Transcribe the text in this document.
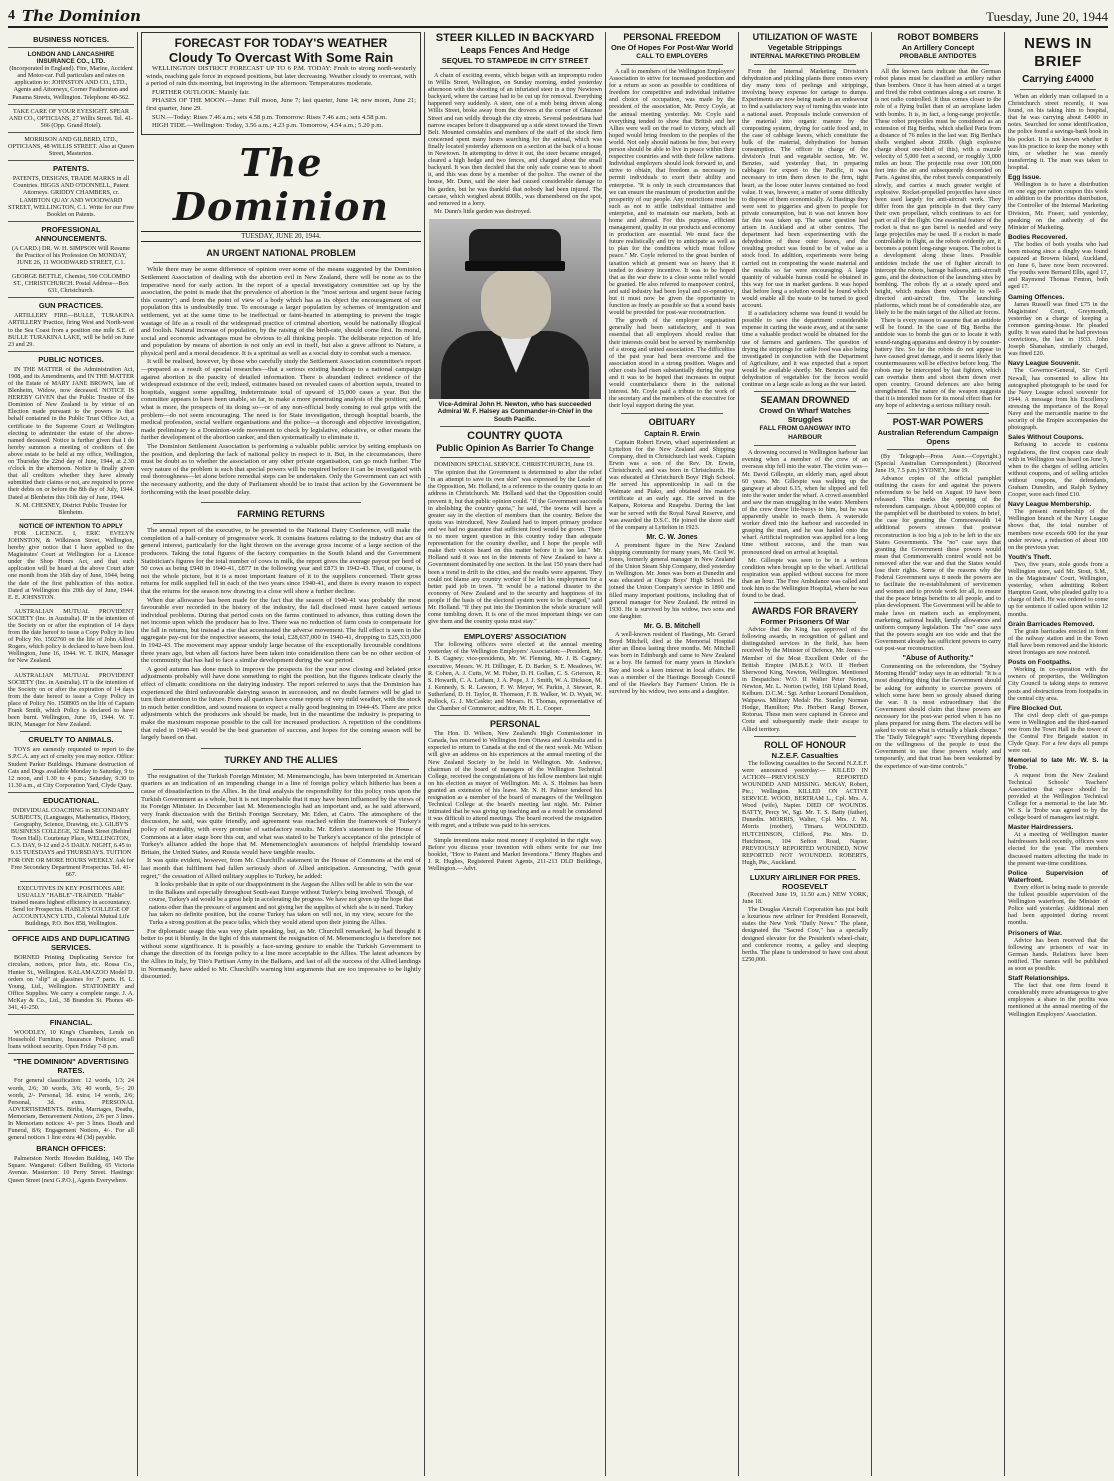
4 The Dominion	Tuesday, June 20, 1944
BUSINESS NOTICES.
LONDON AND LANCASHIRE INSURANCE CO., LTD.

(Incorporated in England). Fire, Marine, Accident and Motor-car. Full particulars and rates on application to: JOHNSTON AND CO., LTD., Agents and Attorneys, Corner Featherston and Panama Streets, Wellington. Telephone 40-562.

TAKE CARE OF YOUR EYESIGHT. SPEAR AND CO., OPTICIANS, 27 Willis Street. Tel. 41-566 (Opp. Grand Hotel).

MORRISON AND GILBERD, LTD., OPTICIANS, 48 WILLIS STREET. Also at Queen Street, Masterton.

PATENTS.

PATENTS, DESIGNS, TRADE MARKS in all Countries. HIGGS AND O'DONNELL, Patent Attorneys. GRIDDY CHAMBERS, cr. LAMBTON QUAY AND WOODWARD STREET, WELLINGTON, C.1. Write for our Free Booklet on Patents.

PROFESSIONAL ANNOUNCEMENTS.

(A CARD.) DR. W. H. SIMPSON Will Resume the Practice of his Profession On MONDAY, JUNE 26, 11 WOODWARD STREET, C.1.

GEORGE BETTLE, Chemist, 590 COLOMBO ST., CHRISTCHURCH. Postal Address—Box 631, Christchurch.

GUN PRACTICES.

ARTILLERY FIRE—BULLE, TURAKINA ARTILLERY Practice, firing West and North-west to the Sea Coast from a position one mile S.E. of BULLE TURAKINA LAKE, will be held on June 23 and 29.

PUBLIC NOTICES.

IN THE MATTER of the Administration Act, 1908, and its Amendments, and IN THE MATTER of the Estate of MARY JANE BROWN, late of Blenheim, Widow, now deceased. NOTICE IS HEREBY GIVEN that the Public Trustee of the Dominion of New Zealand is by virtue of an Election made pursuant to the powers in that behalf contained in the Public Trust Office Act, a certificate to the Supreme Court at Wellington electing to administer the estate of the above-named deceased. Notice is further given that I do hereby summon a meeting of creditors of the above estate to be held at my office, Wellington, on Thursday the 22nd day of June, 1944, at 2.30 o'clock in the afternoon. Notice is finally given that all creditors whether they have already submitted their claims or not, are required to prove their debts on or before the 8th day of July, 1944. Dated at Blenheim this 16th day of June, 1944.

N. M. CHESNEY, District Public Trustee for Blenheim.

NOTICE OF INTENTION TO APPLY

FOR LICENCE. I, ERIC EVELYN JOHNSTON, & Wilkinson Street, Wellington, hereby give notice that I have applied to the Magistrates' Court at Wellington for a Licence under the Shop Hours Act, and that such application will be heard at the above Court after one month from the 16th day of June, 1944, being the date of the first publication of this notice. Dated at Wellington this 20th day of June, 1944. E. E. JOHNSTON.

AUSTRALIAN MUTUAL PROVIDENT SOCIETY (Inc. in Australia). IF in the intention of the Society on or after the expiration of 14 days from the date hereof to issue a Copy Policy in lieu of Policy No. 1502760 on the life of John Alfred Rogers, which policy is declared to have been lost. Wellington, June 16, 1944. W. T. IKIN, Manager for New Zealand.

AUSTRALIAN MUTUAL PROVIDENT SOCIETY (Inc. in Australia). IT is the intention of the Society on or after the expiration of 14 days from the date hereof to issue a Copy Policy in place of Policy No. 1508905 on the life of Captain Frank Smith, which Policy is declared to have been burnt. Wellington, June 19, 1944. W. T. IKIN, Manager for New Zealand.

CRUELTY TO ANIMALS.

TOYS are earnestly requested to report to the S.P.C.A. any act of cruelty you may notice. Office: Student Parker Buildings. Humane destruction of Cats and Dogs available Monday to Saturday, 9 to 12 noon, and 1.30 to 4 p.m.; Saturday, 9.30 to 11.30 a.m., at City Corporation Yard, Clyde Quay.

EDUCATIONAL.

INDIVIDUAL COACHING in SECONDARY SUBJECTS, (Languages, Mathematics, History, Geography, Science, Drawing, etc.). GILBY'S BUSINESS COLLEGE, 32 Bank Street (Behind Town Hall). Courtenay Place, WELLINGTON, C.3. DAY, 9-12 and 2-5 DAILY. NIGHT, 6.45 to 9.15 TUESDAYS and THURSDAYS. TUITION FOR ONE OR MORE HOURS WEEKLY. Ask for Free Secondary Department Prospectus. Tel. 41-667.

EXECUTIVES IN KEY POSITIONS ARE USUALLY "HABLE"-TRAINED. "Hable" trained means highest efficiency in accountancy. Send for Prospectus. HABLE'S COLLEGE OF ACCOUNTANCY LTD., Colonial Mutual Life Buildings, P.O. Box 858, Wellington.

OFFICE AIDS AND DUPLICATING SERVICES.

BORNED Printing Duplicating Service for circulars, notices, price lists, etc. Rossa Co., Hunter St., Wellington. KALAMAZOO Model D. orders on "slip" at glassines for 7 parts. H. L. Young, Ltd., Wellington. STATIONERY and Office Supplies. We carry a complete range. J. A. McKay & Co., Ltd., 38 Brandon St. Phones 40-341, 41-250.

FINANCIAL.

WOODLEY, 10 King's Chambers, Lends on Household Furniture, Insurance Policies; small loans without security. Open Friday 7-8 p.m.

"THE DOMINION" ADVERTISING RATES.

For general classification: 12 words, 1/3; 24 words, 2/6; 30 words, 3/6; 40 words, 5/-; 20 words, 2/- Personal, 3d. extra; 14 words, 2/6; Personal, 3d. extra. PERSONAL ADVERTISEMENTS. Births, Marriages, Deaths, Memoriam, Bereavement Notices, 2/6 per 3 lines. In Memoriam notices: 4/- per 3 lines. Death and Funeral, 8/6; Engagement Notices, 4/-. For all general notices 1 line extra 4d (3d) payable.

BRANCH OFFICES:

Palmerston North: Howden Building, 149 The Square. Wanganui: Gilbert Building, 65 Victoria Avenue. Masterton: 10 Perry Street. Hastings: Queen Street (next G.P.O.), Agents Everywhere.

FORECAST FOR TODAY'S WEATHER
Cloudy To Overcast With Some Rain

WELLINGTON DISTRICT FORECAST UP TO 6 P.M. TODAY: Fresh to strong north-westerly winds, reaching gale force in exposed positions, but later decreasing. Weather cloudy to overcast, with a period of rain this morning, but improving in the afternoon. Temperatures moderate.

FURTHER OUTLOOK: Mainly fair.

PHASES OF THE MOON.—June: Full moon, June 7; last quarter, June 14; new moon, June 21; first quarter, June 29.

SUN.—Today: Rises 7.46 a.m.; sets 4.58 p.m. Tomorrow: Rises 7.46 a.m.; sets 4.58 p.m.

HIGH TIDE.—Wellington: Today, 3.56 a.m.; 4.23 p.m. Tomorrow, 4.54 a.m.; 5.20 p.m.

The Dominion
TUESDAY, JUNE 20, 1944.
AN URGENT NATIONAL PROBLEM

While there may be some difference of opinion over some of the means suggested by the Dominion Settlement Association of dealing with the abortion evil in New Zealand, there will be none as to the imperative need for early action. In the report of a special investigatory committee set up by the association, the point is made that the prevalence of abortion is the "most serious and urgent issue facing this country"; and from the point of view of a body which has as its object the encouragement of our population this is undoubtedly true. To encourage a larger population by schemes of immigration and settlement, yet at the same time to be ineffectual or faint-hearted in attempting to prevent the tragic wastage of life as a result of the widespread practice of criminal abortion, would be nationally illogical and foolish. Natural increase of population, by the raising of the birth-rate, should come first. Its moral, social and economic advantages must be obvious to all thinking people. The deliberate rejection of life and population by means of abortion is not only an evil in itself, but also a grave affront to Nature, a physical peril and a moral decadence. It is a spiritual as well as a social duty to combat such a menace.

It will be realised, however, by those who carefully study the Settlement Association committee's report—prepared as a result of special researches—that a serious existing handicap to a national campaign against abortion is the paucity of detailed information. There is abundant indirect evidence of the widespread existence of the evil; indeed, estimates based on revealed cases of abortion sepsis, treated in hospitals, suggest some appalling, indeterminate total of upward of 15,000 cases a year. But the committee appears to have been unable, so far, to make a more penetrating analysis of the position; and, what is more, the prospects of its doing so—or of any non-official body coming to real grips with the problem—do not seem encouraging. The need is for State investigation, through hospital boards, the medical profession, social welfare organisations and the police—a thorough and objective investigation, made preliminary to a Dominion-wide movement to check by legislative, educative, or other means the further development of the abortion canker, and then systematically to eliminate it.

The Dominion Settlement Association is performing a valuable public service by setting emphasis on the position, and deploring the lack of national policy in respect to it. But, in the circumstances, there must be doubt as to whether the association or any other private organisation, can go much further. The very nature of the problem is such that special powers will be required before it can be investigated with real thoroughness—let alone before remedial steps can be undertaken. Only the Government can act with the necessary authority, and the duty of Parliament should be to insist that action by the Government be forthcoming with the least possible delay.

FARMING RETURNS

The annual report of the executive, to be presented to the National Dairy Conference, will make the completion of a half-century of progressive work. It contains features relating to the industry that are of general interest, particularly for the light thrown on the average gross income of a large section of the producers. Taking the total figures of the factory companies in the South Island and the Government Statistician's figures for the total number of cows in milk, the report gives the average payout per herd of 50 cows as being £948 in 1940-41, £877 in the following year and £873 in 1942-43. That, of course, is not the whole picture, but it is a most important feature of it to the suppliers concerned. Their gross returns for milk supplied fell in each of the two years since 1940-41, and there is every reason to expect that the returns for the season now drawing to a close will show a further decline.

When due allowance has been made for the fact that the season of 1940-41 was probably the most favourable ever recorded in the history of the industry, the fall disclosed must have caused serious individual problems. During that period costs on the farms continued to advance, thus cutting down the net income upon which the producer has to live. There was no reduction of farm costs to compensate for the fall in returns, but instead a rise that accentuated the adverse movement. The full effect is seen in the aggregate pay-out for the respective seasons, the total, £28,637,000 in 1940-41, dropping to £25,333,000 in 1942-43. The movement may appear unduly large because of the exceptionally favourable conditions three years ago, but when all factors have been taken into consideration there can be no other section of the community that has had to face a similar development during the war period.

A good autumn has done much to improve the prospects for the year now closing and belated price adjustments probably will have done something to right the position, but the figures indicate clearly the effect of climatic conditions on the dairying industry. The report referred to says that the Dominion has experienced the third unfavourable dairying season in succession, and no doubt farmers will be glad to turn their attention to the future. From all quarters have come reports of very mild weather, with the stock in much better condition, and sound reasons to expect a really good beginning in 1944-45. There are price adjustments which the producers ask should be made, but in the meantime the industry is preparing to make the maximum response possible to the call for increased production. A repetition of the conditions that ruled in 1940-41 would be the best guarantee of success, and hopes for the coming season will be largely based on that.

TURKEY AND THE ALLIES

The resignation of the Turkish Foreign Minister, M. Menemencioglu, has been interpreted in American quarters as an indication of an impending change in a line of foreign policy which hitherto has been a cause of dissatisfaction to the Allies. In the final analysis the responsibility for this policy rests upon the Turkish Government as a whole, but it is not improbable that it may have been influenced by the views of its Foreign Minister. In December last M. Menemencioglu had an important and, as he said afterward, very frank discussion with the British Foreign Secretary, Mr. Eden, at Cairo. The atmosphere of the discussion, he said, was quite friendly, and agreement was reached within the framework of Turkey's policy of neutrality, with every promise of satisfactory results. Mr. Eden's statement to the House of Commons at a later stage bore this out, and what was stated to be Turkey's acceptance of the principle of Turkey's alliance added the hope that M. Menemencioglu's assurances of helpful friendship toward Britain, the United States, and Russia would have tangible results.

It was quite evident, however, from Mr. Churchill's statement in the House of Commons at the end of last month that fulfilment had fallen seriously short of Allied anticipation. Announcing, "with great regret," the cessation of Allied military supplies to Turkey, he added:

It looks probable that in spite of our disappointment in the Aegean the Allies will be able to win the war in the Balkans and especially throughout South-east Europe without Turkey's being involved. Though, of course, Turkey's aid would be a great help in accelerating the progress. We have not given up the hope that nations other than the pressure of argument and not giving her the supplies of which she is in need. Turkey has taken no definite position, but the course Turkey has taken on will not, in my view, secure for the Turks a strong position at the peace talks, which they would attend upon their joining the Allies.

For diplomatic usage this was very plain speaking, but, as Mr. Churchill remarked, he had thought it better to put it bluntly. In the light of this statement the resignation of M. Menemencioglu is therefore not without some significance. It is possibly a face-saving gesture to enable the Turkish Government to change the direction of its foreign policy to a line more acceptable to the Allies. The latest advances by the Allies in Italy, by Tito's Partisan Army in the Balkans, and last of all the success of the Allied landings in Normandy, have added to Mr. Churchill's warning hint arguments that are too impressive to be lightly discounted.

STEER KILLED IN BACKYARD
Leaps Fences And Hedge
SEQUEL TO STAMPEDE IN CITY STREET

A chain of exciting events, which began with an impromptu rodeo in Willis Street, Wellington, on Sunday morning, ended yesterday afternoon with the shooting of an infuriated steer in a tiny Newtown backyard, where the carcase had to be cut up for removal. Everything happened very suddenly. A steer, one of a mob being driven along Willis Street, broke away from the drovers at the corner of Ghuznee Street and ran wildly through the city streets. Several pedestrians had narrow escapes before it disappeared up a side street toward the Town Belt. Mounted constables and members of the staff of the stock firm concerned spent many hours searching for the animal, which was finally located yesterday afternoon on a section at the back of a house in Newtown. In attempting to drive it out, the steer became enraged, cleared a high hedge and two fences, and charged about the small backyard. It was then decided that the only safe course was to shoot it, and this was done by a member of the police. The owner of the house, Mr. Dunn, said the steer had caused considerable damage to his garden, but he was thankful that nobody had been injured. The carcase, which weighed about 800lb., was dismembered on the spot, and removed in a lorry.

Mr. Dunn's little garden was destroyed.

Vice-Admiral John H. Newton, who has succeeded Admiral W. F. Halsey as Commander-in-Chief in the South Pacific.
COUNTRY QUOTA
Public Opinion As Barrier To Change

DOMINION SPECIAL SERVICE. CHRISTCHURCH, June 19.

The opinion that the Government is determined to alter the relief "in an attempt to save its own skin" was expressed by the Leader of the Opposition, Mr. Holland, in a reference to the country quota to an address in Christchurch. Mr. Holland said that the Opposition could prevent it, but that public opinion could. "If the Government succeeds in abolishing the country quota," he said, "the towns will have a greater say in the election of members than the country. Before the quota was introduced, New Zealand had to import primary produce and we had no guarantee that sufficient food would be grown. There is no more urgent question in this country today than adequate representation for the country dweller, and I hope the people will make their voices heard on this matter before it is too late." Mr. Holland said it was not in the interests of New Zealand to have a Government dominated by one section. In the last 150 years there had been a trend in drift to the cities, and the results were apparent. They could not blame any country worker if he left his employment for a better paid job in town. "It would be a national disaster to the economy of New Zealand and to the security and happiness of its people if the basis of the electoral system were to be changed," said Mr. Holland. "If they put into the Dominion the whole structure will come tumbling down. It is one of the most important things we can give them and the country quota must stay."

EMPLOYERS' ASSOCIATION

The following officers were elected at the annual meeting yesterday of the Wellington Employers' Association:—President, Mr. J. B. Cagney; vice-presidents, Mr. W. Fleming, Mr. J. B. Cagney; executive, Messrs. W. H. Dillinger, E. D. Barker, S. E. Meadows, W. R. Cohen, A. J. Cutts, W. M. Fisher, D. H. Gollan, C. S. Grierson, R. S. Howarth, C. A. Letham, J. A. Pope, J. J. Smith, W. A. Dickson, M. J. Kennedy, S. R. Lawson, F. W. Meyer, W. Parkin, J. Stewart, R. Sutherland, D. H. Taylor, R. Thomson, F. B. Walker, W. D. Wyatt, W. Pollock, G. J. McCaskie; and Messrs. H. Thomas, representative of the Chamber of Commerce; auditor, Mr. H. L. Cooper.

PERSONAL

The Hon. D. Wilson, New Zealand's High Commissioner in Canada, has returned to Wellington from Ottawa and Australia and is expected to return to Canada at the end of the next week. Mr. Wilson will give an address on his experiences at the annual meeting of the New Zealand Society to be held in Wellington. Mr. Andrews, chairman of the board of managers of the Wellington Technical College, received the congratulations of his fellow members last night on his election as mayor of Wellington. Mr. A. S. Holmes has been granted an extension of his leave. Mr. N. H. Palmer tendered his resignation as a member of the board of managers of the Wellington Technical College at the board's meeting last night. Mr. Palmer intimated that he was giving up teaching and as a result he considered it was difficult to attend meetings. The board received the resignation with regret, and a tribute was paid to his services.

Simple inventions make most money if exploited in the right way. Before you discuss your invention with others write for our free booklet, "How to Patent and Market Inventions." Henry Hughes and J. R. Hughes, Registered Patent Agents, 211-213 DLD Buildings, Wellington.—Advt.

PERSONAL FREEDOM
One Of Hopes For Post-War World
CALL TO EMPLOYERS

A call to members of the Wellington Employers' Association to strive for increased production and for a return as soon as possible to conditions of freedom for competitive and individual initiative and choice of occupation, was made by the president of the association, Mr. Percy Coyle, at the annual meeting yesterday. Mr. Coyle said everything tended to show that British and her Allies were well on the road to victory, which all hoped would bring freedom to the peoples of the world. Not only should nations be free, but every person should be able to live in peace within their respective countries and with their fellow nations. Individual employers should look forward to, and strive to obtain, that freedom as necessary to permit individuals to exert their ability and enterprise. "It is only in such circumstances that we can ensure the maximum of production and the prosperity of our people. Any restrictions must be such as not to stifle individual initiative and enterprise, and to maintain our markets, both at home and abroad. For this purpose, efficient management, quality in our products and economy in production are essential. We must face the future realistically and try to anticipate as well as to plan for the conditions which must follow peace." Mr. Coyle referred to the great burden of taxation which at present was so heavy that it tended to destroy incentive. It was to be hoped that as the war drew to a close some relief would be granted. He also referred to manpower control, and said industry had been loyal and co-operative, but it must now be given the opportunity to function as freely as possible so that a sound basis would be provided for post-war reconstruction.

The growth of the employer organisation generally had been satisfactory, and it was essential that all employers should realise that their interests could best be served by membership of a strong and united association. The difficulties of the past year had been overcome and the association stood in a strong position. Wages and other costs had risen substantially during the year and it was to be hoped that increases in output would counterbalance them in the national interest. Mr. Coyle paid a tribute to the work of the secretary and the members of the executive for their loyal support during the year.

OBITUARY
Captain R. Erwin

Captain Robert Erwin, wharf superintendent at Lyttelton for the New Zealand and Shipping Company, died in Christchurch last week. Captain Erwin was a son of the Rev. Dr. Erwin, Christchurch, and was born in Christchurch. He was educated at Christchurch Boys' High School. He served his apprenticeship in sail in the Waimate and Piako, and obtained his master's certificate at an early age. He served in the Kaipara, Rotorua and Ruapehu. During the last war he served with the Royal Naval Reserve, and was awarded the D.S.C. He joined the shore staff of the company at Lyttelton in 1923.

Mr. C. W. Jones

A prominent figure in the New Zealand shipping community for many years, Mr. Cecil W. Jones, formerly general manager in New Zealand of the Union Steam Ship Company, died yesterday in Wellington. Mr. Jones was born at Dunedin and was educated at Otago Boys' High School. He joined the Union Company's service in 1890 and filled many important positions, including that of general manager for New Zealand. He retired in 1930. He is survived by his widow, two sons and one daughter.

Mr. G. B. Mitchell

A well-known resident of Hastings, Mr. Gerard Boyd Mitchell, died at the Memorial Hospital after an illness lasting three months. Mr. Mitchell was born in Edinburgh and came to New Zealand as a boy. He farmed for many years in Hawke's Bay and took a keen interest in local affairs. He was a member of the Hastings Borough Council and of the Hawke's Bay Farmers' Union. He is survived by his widow, two sons and a daughter.

UTILIZATION OF WASTE
Vegetable Strippings
INTERNAL MARKETING PROBLEM

From the Internal Marketing Division's dehydration and pickling plants there comes every day many tons of peelings and strippings, involving heavy expense for cartage to dumps. Experiments are now being made in an endeavour to find a satisfactory way of turning this waste into a national asset. Proposals include conversion of the material into organic manure by the composting system, drying for cattle food and, in the case of cabbage leaves, which constitute the bulk of the material, dehydration for human consumption. The officer in charge of the division's fruit and vegetable section, Mr. W. Benzies, said yesterday that, in preparing cabbages for export to the Pacific, it was necessary to trim them down to the firm, tight heart, as the loose outer leaves contained no food value. It was, however, a matter of some difficulty to dispose of them economically. At Hastings they were sent to piggeries and given to people for private consumption, but it was not known how far this was taken up. The same question had arisen in Auckland and at other centres. The department had been experimenting with the dehydration of these outer leaves, and the resulting product was found to be of value as a stock food. In addition, experiments were being carried out in composting the waste material and the results so far were encouraging. A large quantity of valuable humus could be obtained in this way for use in market gardens. It was hoped that before long a solution would be found which would enable all the waste to be turned to good account.

If a satisfactory scheme was found it would be possible to save the department considerable expense in carting the waste away, and at the same time a valuable product would be obtained for the use of farmers and gardeners. The question of drying the strippings for cattle food was also being investigated in conjunction with the Department of Agriculture, and it was expected that a report would be available shortly. Mr. Benzies said the dehydration of vegetables for the forces would continue on a large scale as long as the war lasted.

SEAMAN DROWNED
Crowd On Wharf Watches Struggles
FALL FROM GANGWAY INTO HARBOUR

A drowning occurred in Wellington harbour last evening when a member of the crew of an overseas ship fell into the water. The victim was—Mr. David Gillespie, an elderly man, aged about 60 years. Mr. Gillespie was walking up the gangway at about 6.15, when he slipped and fell into the water under the wharf. A crowd assembled and saw the man struggling in the water. Members of the crew threw life-buoys to him, but he was apparently unable to reach them. A waterside worker dived into the harbour and succeeded in grasping the man, and he was hauled onto the wharf. Artificial respiration was applied for a long time without success, and the man was pronounced dead on arrival at hospital.

Mr. Gillespie was seen to be in a serious condition when brought up to the wharf. Artificial respiration was applied without success for more than an hour. The Free Ambulance was called and took him to the Wellington Hospital, where he was found to be dead.

AWARDS FOR BRAVERY
Former Prisoners Of War

Advice that the King has approved of the following awards, in recognition of gallant and distinguished services in the field, has been received by the Minister of Defence, Mr. Jones:— Member of the Most Excellent Order of the British Empire (M.B.E.): W.O. II Herbert Sherwood King, Newton, Wellington. Mentioned in Despatches: W.O. II Walter Peter Norton, Newton, Mr. L. Norton (wife), 168 Upland Road, Kelburn. D.C.M.: Sgt. Arthur Leonard Donaldson, Waipawa. Military Medal: Pte. Stanley Norman Hodge, Hamilton; Pte. Herbert Rangi Brown, Rotorua. These men were captured in Greece and Crete and subsequently made their escape to Allied territory.

ROLL OF HONOUR
N.Z.E.F. Casualties

The following casualties to the Second N.Z.E.F. were announced yesterday:— KILLED IN ACTION—PREVIOUSLY REPORTED WOUNDED AND MISSING. McKAY, Robert, Pte.; Wellington. KILLED ON ACTIVE SERVICE. WOOD, BERTRAM L., Cpl. Mrs. A. Wood (wife), Napier. DIED OF WOUNDS. BATTY, Percy W., Sgt. Mr. T. S. Batty (father), Dunedin. MORRIS, Walter, Cpl. Mrs. J. M. Morris (mother), Timaru. WOUNDED. HUTCHINSON, Clifford, Pte. Mrs. D. Hutchinson, 104 Sefton Road, Napier. PREVIOUSLY REPORTED WOUNDED, NOW REPORTED NOT WOUNDED. ROBERTS, Hugh, Pte., Auckland.

LUXURY AIRLINER FOR PRES. ROOSEVELT

(Received June 19, 11.50 a.m.) NEW YORK, June 18.

The Douglas Aircraft Corporation has just built a luxurious new airliner for President Roosevelt, states the New York "Daily News." The plane, designated the "Sacred Cow," has a specially designed elevator for the President's wheel-chair, and conference rooms, a galley and sleeping berths. The plane is understood to have cost about £250,000.

ROBOT BOMBERS
An Artillery Concept
PROBABLE ANTIDOTES

All the known facts indicate that the German robot planes must be classified as artillery rather than bombers. Once it has been aimed at a target and fired the robot continues along a set course. It is not radio controlled. It thus comes closer to the role of a flying bullet than of an aeroplane laden with bombs. It is, in fact, a long-range projectile. These robot projectiles must be considered as an extension of Big Bertha, which shelled Paris from a distance of 76 miles in the last war. Big Bertha's shells weighed about 260lb. (high explosive charge about one-third of this), with a muzzle velocity of 5,000 feet a second, or roughly 3,000 miles an hour. The projectile rose over 100,000 feet into the air and subsequently descended on Paris. Against this, the robot travels comparatively slowly, and carries a much greater weight of explosive. Rocket-propelled projectiles have since been used largely for anti-aircraft work. They differ from the gun principle in that they carry their own propellant, which continues to act for part or all of the flight. One essential feature of the rocket is that no gun barrel is needed and very large projectiles may be used. If a rocket is made controllable in flight, as the robots evidently are, it becomes a potent long-range weapon. The robot is a development along these lines. Possible antidotes include the use of fighter aircraft to intercept the robots, barrage balloons, anti-aircraft guns, and the destruction of the launching sites by bombing. The robots fly at a steady speed and height, which makes them vulnerable to well-directed anti-aircraft fire. The launching platforms, which must be of considerable size, are likely to be the main target of the Allied air forces.

There is every reason to assume that an antidote will be found. In the case of Big Bertha the antidote was to bomb the gun or to locate it with sound-ranging apparatus and destroy it by counter-battery fire. So far the robots do not appear to have caused great damage, and it seems likely that countermeasures will be effective before long. The robots may be intercepted by fast fighters, which can overtake them and shoot them down over open country. Ground defences are also being strengthened. The nature of the weapon suggests that it is intended more for its moral effect than for any hope of achieving a serious military result.

POST-WAR POWERS
Australian Referendum Campaign Opens

(By Telegraph—Press Assn.—Copyright.) (Special Australian Correspondent.) (Received June 19, 7.5 p.m.) SYDNEY, June 19.

Advance copies of the official pamphlet outlining the cases for and against the powers referendum to be held on August 19 have been released. This marks the opening of the referendum campaign. About 4,000,000 copies of the pamphlet will be distributed to voters. In brief, the case for granting the Commonwealth 14 additional powers stresses that postwar reconstruction is too big a job to be left to the six States Governments. The "no" case says that granting the Government these powers would mean that Commonwealth control would not be removed after the war and that the States would lose their rights. Some of the reasons why the Federal Government says it needs the powers are to facilitate the re-establishment of servicemen and women and to provide work for all, to ensure that the peace brings benefits to all people, and to plan development. The Government will be able to make laws on matters such as employment, marketing, national health, family allowances and uniform company legislation. The "no" case says that the powers sought are too wide and that the Government already has sufficient powers to carry out post-war reconstruction.

"Abuse of Authority."

Commenting on the referendum, the "Sydney Morning Herald" today says in an editorial: "It is a most disturbing thing that the Government should be asking for authority to exercise powers of which some have been so grossly abused during the war. It is most extraordinary that the Government should claim that these powers are necessary for the post-war period when it has no plans prepared for using them. The electors will be asked to vote on what is virtually a blank cheque." The "Daily Telegraph" says: "Everything depends on the willingness of the people to trust the Government to use these powers wisely and temporarily, and that trust has been weakened by the experience of war-time controls."

NEWS IN BRIEF
Carrying £4000

When an elderly man collapsed in a Christchurch street recently, it was found, on his taking him to hospital, that he was carrying about £4000 in notes. Searched for some identification, the police found a savings-bank book in his pocket. It is not known whether it was his practice to keep the money with him, or whether he was merely transferring it. The man was taken to hospital.

Egg Issue.

Wellington is to have a distribution on one egg per ration coupon this week in addition to the priorities distribution, the Controller of the Internal Marketing Division, Mr. Fraser, said yesterday, speaking on the authority of the Minister of Marketing.

Bodies Recovered.

The bodies of both youths who had been missing since a dinghy was found capsized at Browns Island, Auckland, on June 6, have now been recovered. The youths were Bernard Ellis, aged 17, and Raymond Thomas Fenton, both aged 17.

Gaming Offences.

James Russell was fined £75 in the Magistrates' Court, Greymouth, yesterday on a charge of keeping a common gaming-house. He pleaded guilty. It was stated that he had previous convictions, the last in 1933. John Joseph Shanahan, similarly charged, was fined £20.

Navy League Souvenir.

The Governor-General, Sir Cyril Newall, has consented to allow his autographed photograph to be used for the Navy League school souvenir for 1944. A message from his Excellency stressing the importance of the Royal Navy and the mercantile marine to the security of the Empire accompanies the photograph.

Sales Without Coupons.

Refusing to accede to customs regulations, the first coupon case dealt with in Wellington was heard on June 9, when to the charges of selling articles without coupons, and of selling articles without coupons, the defendants, Graham Dunedin, and Ralph Sydney Cooper, were each fined £10.

Navy League Membership.

The present membership of the Wellington branch of the Navy League shows that, the total number of members now exceeds 600 for the year under review, a reduction of about 100 on the previous year.

Youth's Theft.

Two, five years, stole goods from a Wellington store, said Mr. Stout, S.M., in the Magistrates' Court, Wellington, yesterday, when admitting Robert Hampton Grant, who pleaded guilty to a charge of theft. He was ordered to come up for sentence if called upon within 12 months.

Grain Barricades Removed.

The grain barricades erected in front of the railway station and in the Town Hall have been removed and the historic street frontages are now restored.

Posts on Footpaths.

Working in co-operation with the owners of properties, the Wellington City Council is taking steps to remove posts and obstructions from footpaths in the central city area.

Fire Blocked Out.

The civil deep cleft of gas-pumps were in Wellington and the third-named one from the Town Hall in the tower of the Central Fire Brigade station in Clyde Quay. For a few days all pumps were out.

Memorial to late Mr. W. S. la Trobe.

A request from the New Zealand Technical Schools' Teachers' Association that space should be provided at the Wellington Technical College for a memorial to the late Mr. W. S. la Trobe was agreed to by the college board of managers last night.

Master Hairdressers.

At a meeting of Wellington master hairdressers held recently, officers were elected for the year. The members discussed matters affecting the trade in the present war-time conditions.

Police Supervision of Waterfront.

Every effort is being made to provide the fullest possible supervision of the Wellington waterfront, the Minister of Police said yesterday. Additional men had been appointed during recent months.

Prisoners of War.

Advice has been received that the following are prisoners of war in German hands. Relatives have been notified. The names will be published as soon as possible.

Staff Relationships.

The fact that one firm found it considerably more advantageous to give employees a share in the profits was mentioned at the annual meeting of the Wellington Employers' Association.
